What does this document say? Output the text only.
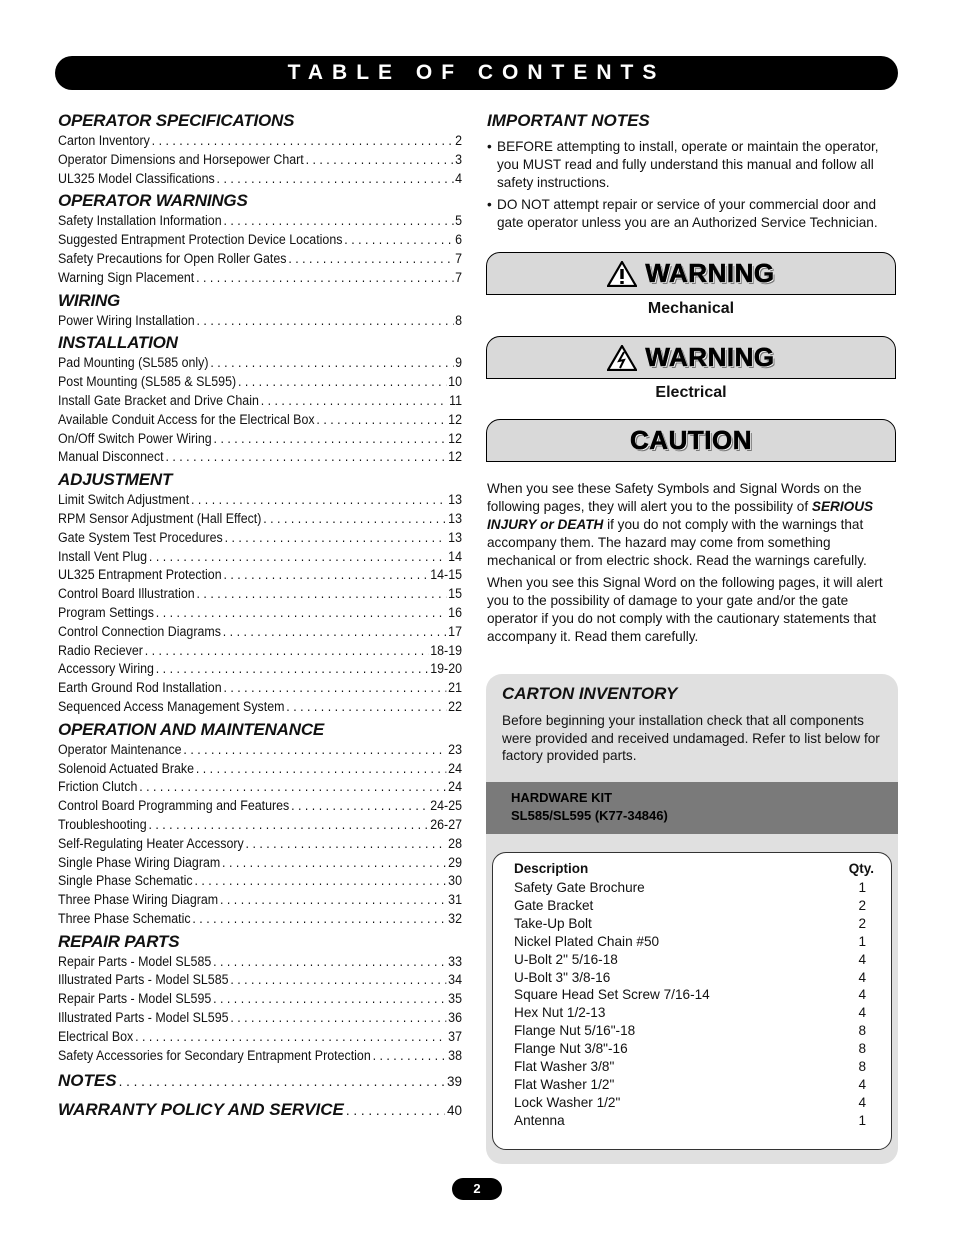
TABLE OF CONTENTS
OPERATOR SPECIFICATIONS
Carton Inventory . . .	2
Operator Dimensions and Horsepower Chart . . .	3
UL325 Model Classifications . . .	4
OPERATOR WARNINGS
Safety Installation Information . . .	5
Suggested Entrapment Protection Device Locations . . .	6
Safety Precautions for Open Roller Gates . . .	7
Warning Sign Placement . . .	7
WIRING
Power Wiring Installation . . .	8
INSTALLATION
Pad Mounting (SL585 only) . . .	9
Post Mounting (SL585 & SL595) . . .	10
Install Gate Bracket and Drive Chain . . .	11
Available Conduit Access for the Electrical Box . . .	12
On/Off Switch Power Wiring . . .	12
Manual Disconnect . . .	12
ADJUSTMENT
Limit Switch Adjustment . . .	13
RPM Sensor Adjustment (Hall Effect) . . .	13
Gate System Test Procedures . . .	13
Install Vent Plug . . .	14
UL325 Entrapment Protection . . .	14-15
Control Board Illustration . . .	15
Program Settings . . .	16
Control Connection Diagrams . . .	17
Radio Reciever . . .	18-19
Accessory Wiring . . .	19-20
Earth Ground Rod Installation . . .	21
Sequenced Access Management System . . .	22
OPERATION AND MAINTENANCE
Operator Maintenance . . .	23
Solenoid Actuated Brake . . .	24
Friction Clutch . . .	24
Control Board Programming and Features . . .	24-25
Troubleshooting . . .	26-27
Self-Regulating Heater Accessory . . .	28
Single Phase Wiring Diagram . . .	29
Single Phase Schematic . . .	30
Three Phase Wiring Diagram . . .	31
Three Phase Schematic . . .	32
REPAIR PARTS
Repair Parts - Model SL585 . . .	33
Illustrated Parts - Model SL585 . . .	34
Repair Parts - Model SL595 . . .	35
Illustrated Parts - Model SL595 . . .	36
Electrical Box . . .	37
Safety Accessories for Secondary Entrapment Protection . . .	38
NOTES . . .	39
WARRANTY POLICY AND SERVICE . . .	40
IMPORTANT NOTES
• BEFORE attempting to install, operate or maintain the operator, you MUST read and fully understand this manual and follow all safety instructions.
• DO NOT attempt repair or service of your commercial door and gate operator unless you are an Authorized Service Technician.
WARNING
Mechanical
WARNING
Electrical
CAUTION
When you see these Safety Symbols and Signal Words on the following pages, they will alert you to the possibility of SERIOUS INJURY or DEATH if you do not comply with the warnings that accompany them. The hazard may come from something mechanical or from electric shock. Read the warnings carefully.
When you see this Signal Word on the following pages, it will alert you to the possibility of damage to your gate and/or the gate operator if you do not comply with the cautionary statements that accompany it. Read them carefully.
CARTON INVENTORY
Before beginning your installation check that all components were provided and received undamaged. Refer to list below for factory provided parts.
HARDWARE KIT
SL585/SL595 (K77-34846)
Description	Qty.
Safety Gate Brochure	1
Gate Bracket	2
Take-Up Bolt	2
Nickel Plated Chain #50	1
U-Bolt 2" 5/16-18	4
U-Bolt 3" 3/8-16	4
Square Head Set Screw 7/16-14	4
Hex Nut 1/2-13	4
Flange Nut 5/16"-18	8
Flange Nut 3/8"-16	8
Flat Washer 3/8"	8
Flat Washer 1/2"	4
Lock Washer 1/2"	4
Antenna	1
2
